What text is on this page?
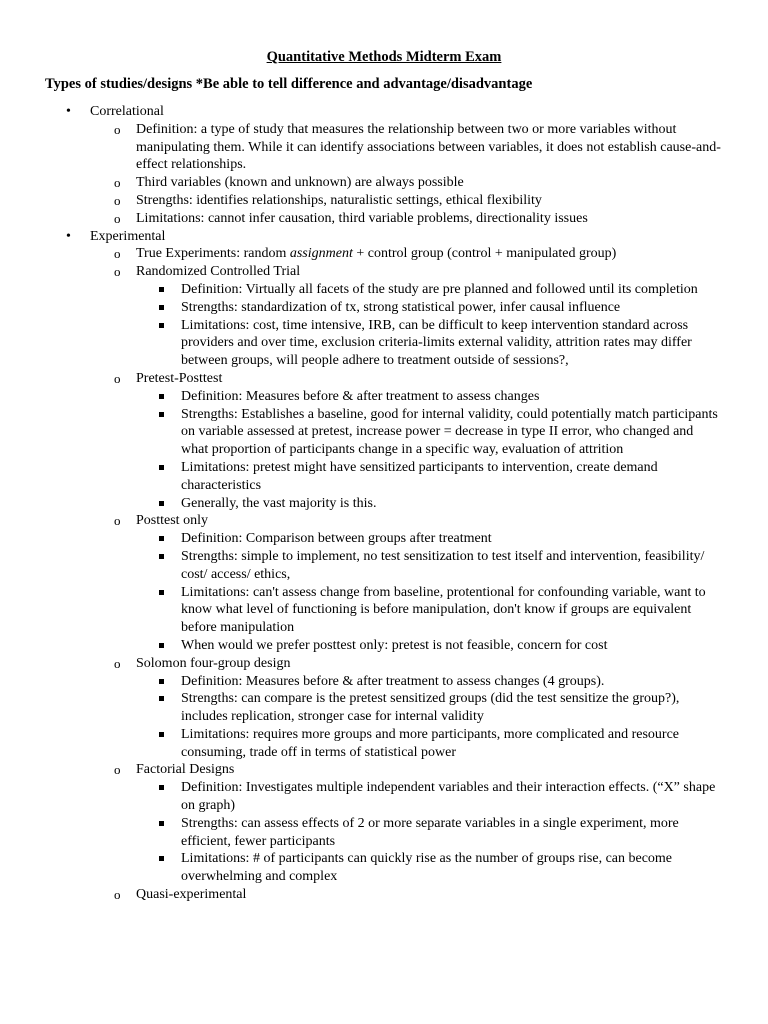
Quantitative Methods Midterm Exam
Types of studies/designs *Be able to tell difference and advantage/disadvantage
• Correlational
o Definition: a type of study that measures the relationship between two or more variables without manipulating them. While it can identify associations between variables, it does not establish cause-and-effect relationships.
o Third variables (known and unknown) are always possible
o Strengths: identifies relationships, naturalistic settings, ethical flexibility
o Limitations: cannot infer causation, third variable problems, directionality issues
• Experimental
o True Experiments: random assignment + control group (control + manipulated group)
o Randomized Controlled Trial
Definition: Virtually all facets of the study are pre planned and followed until its completion
Strengths: standardization of tx, strong statistical power, infer causal influence
Limitations: cost, time intensive, IRB, can be difficult to keep intervention standard across providers and over time, exclusion criteria-limits external validity, attrition rates may differ between groups, will people adhere to treatment outside of sessions?,
o Pretest-Posttest
Definition: Measures before & after treatment to assess changes
Strengths: Establishes a baseline, good for internal validity, could potentially match participants on variable assessed at pretest, increase power = decrease in type II error, who changed and what proportion of participants change in a specific way, evaluation of attrition
Limitations: pretest might have sensitized participants to intervention, create demand characteristics
Generally, the vast majority is this.
o Posttest only
Definition: Comparison between groups after treatment
Strengths: simple to implement, no test sensitization to test itself and intervention, feasibility/ cost/ access/ ethics,
Limitations: can't assess change from baseline, protentional for confounding variable, want to know what level of functioning is before manipulation, don't know if groups are equivalent before manipulation
When would we prefer posttest only: pretest is not feasible, concern for cost
o Solomon four-group design
Definition: Measures before & after treatment to assess changes (4 groups).
Strengths: can compare is the pretest sensitized groups (did the test sensitize the group?), includes replication, stronger case for internal validity
Limitations: requires more groups and more participants, more complicated and resource consuming, trade off in terms of statistical power
o Factorial Designs
Definition: Investigates multiple independent variables and their interaction effects. (“X” shape on graph)
Strengths: can assess effects of 2 or more separate variables in a single experiment, more efficient, fewer participants
Limitations: # of participants can quickly rise as the number of groups rise, can become overwhelming and complex
o Quasi-experimental
